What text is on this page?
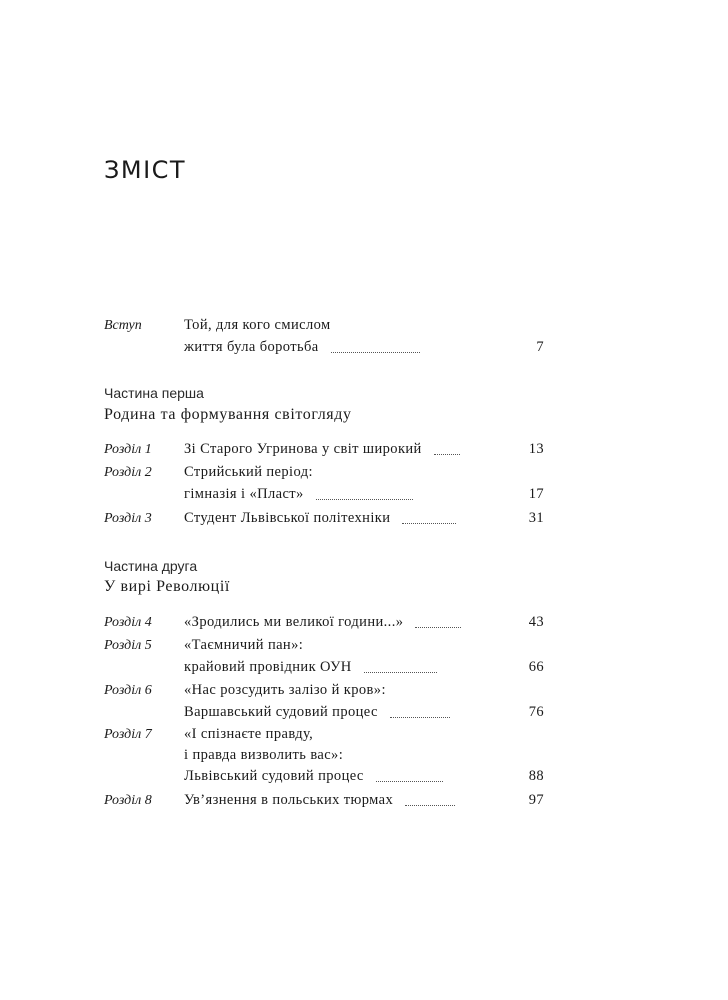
ЗМІСТ
Вступ	Той, для кого смислом
життя була боротьба	7
Частина перша
Родина та формування світогляду
Розділ 1 Зі Старого Угринова у світ широкий	13
Розділ 2 Стрийський період:
гімназія і «Пласт»	17
Розділ 3 Студент Львівської політехніки	31
Частина друга
У вирі Революції
Розділ 4 «Зродились ми великої години...»	43
Розділ 5 «Таємничий пан»:
крайовий провідник ОУН	66
Розділ 6 «Нас розсудить залізо й кров»:
Варшавський судовий процес	76
Розділ 7 «І спізнаєте правду,
і правда визволить вас»:
Львівський судовий процес	88
Розділ 8 Ув’язнення в польських тюрмах	97
